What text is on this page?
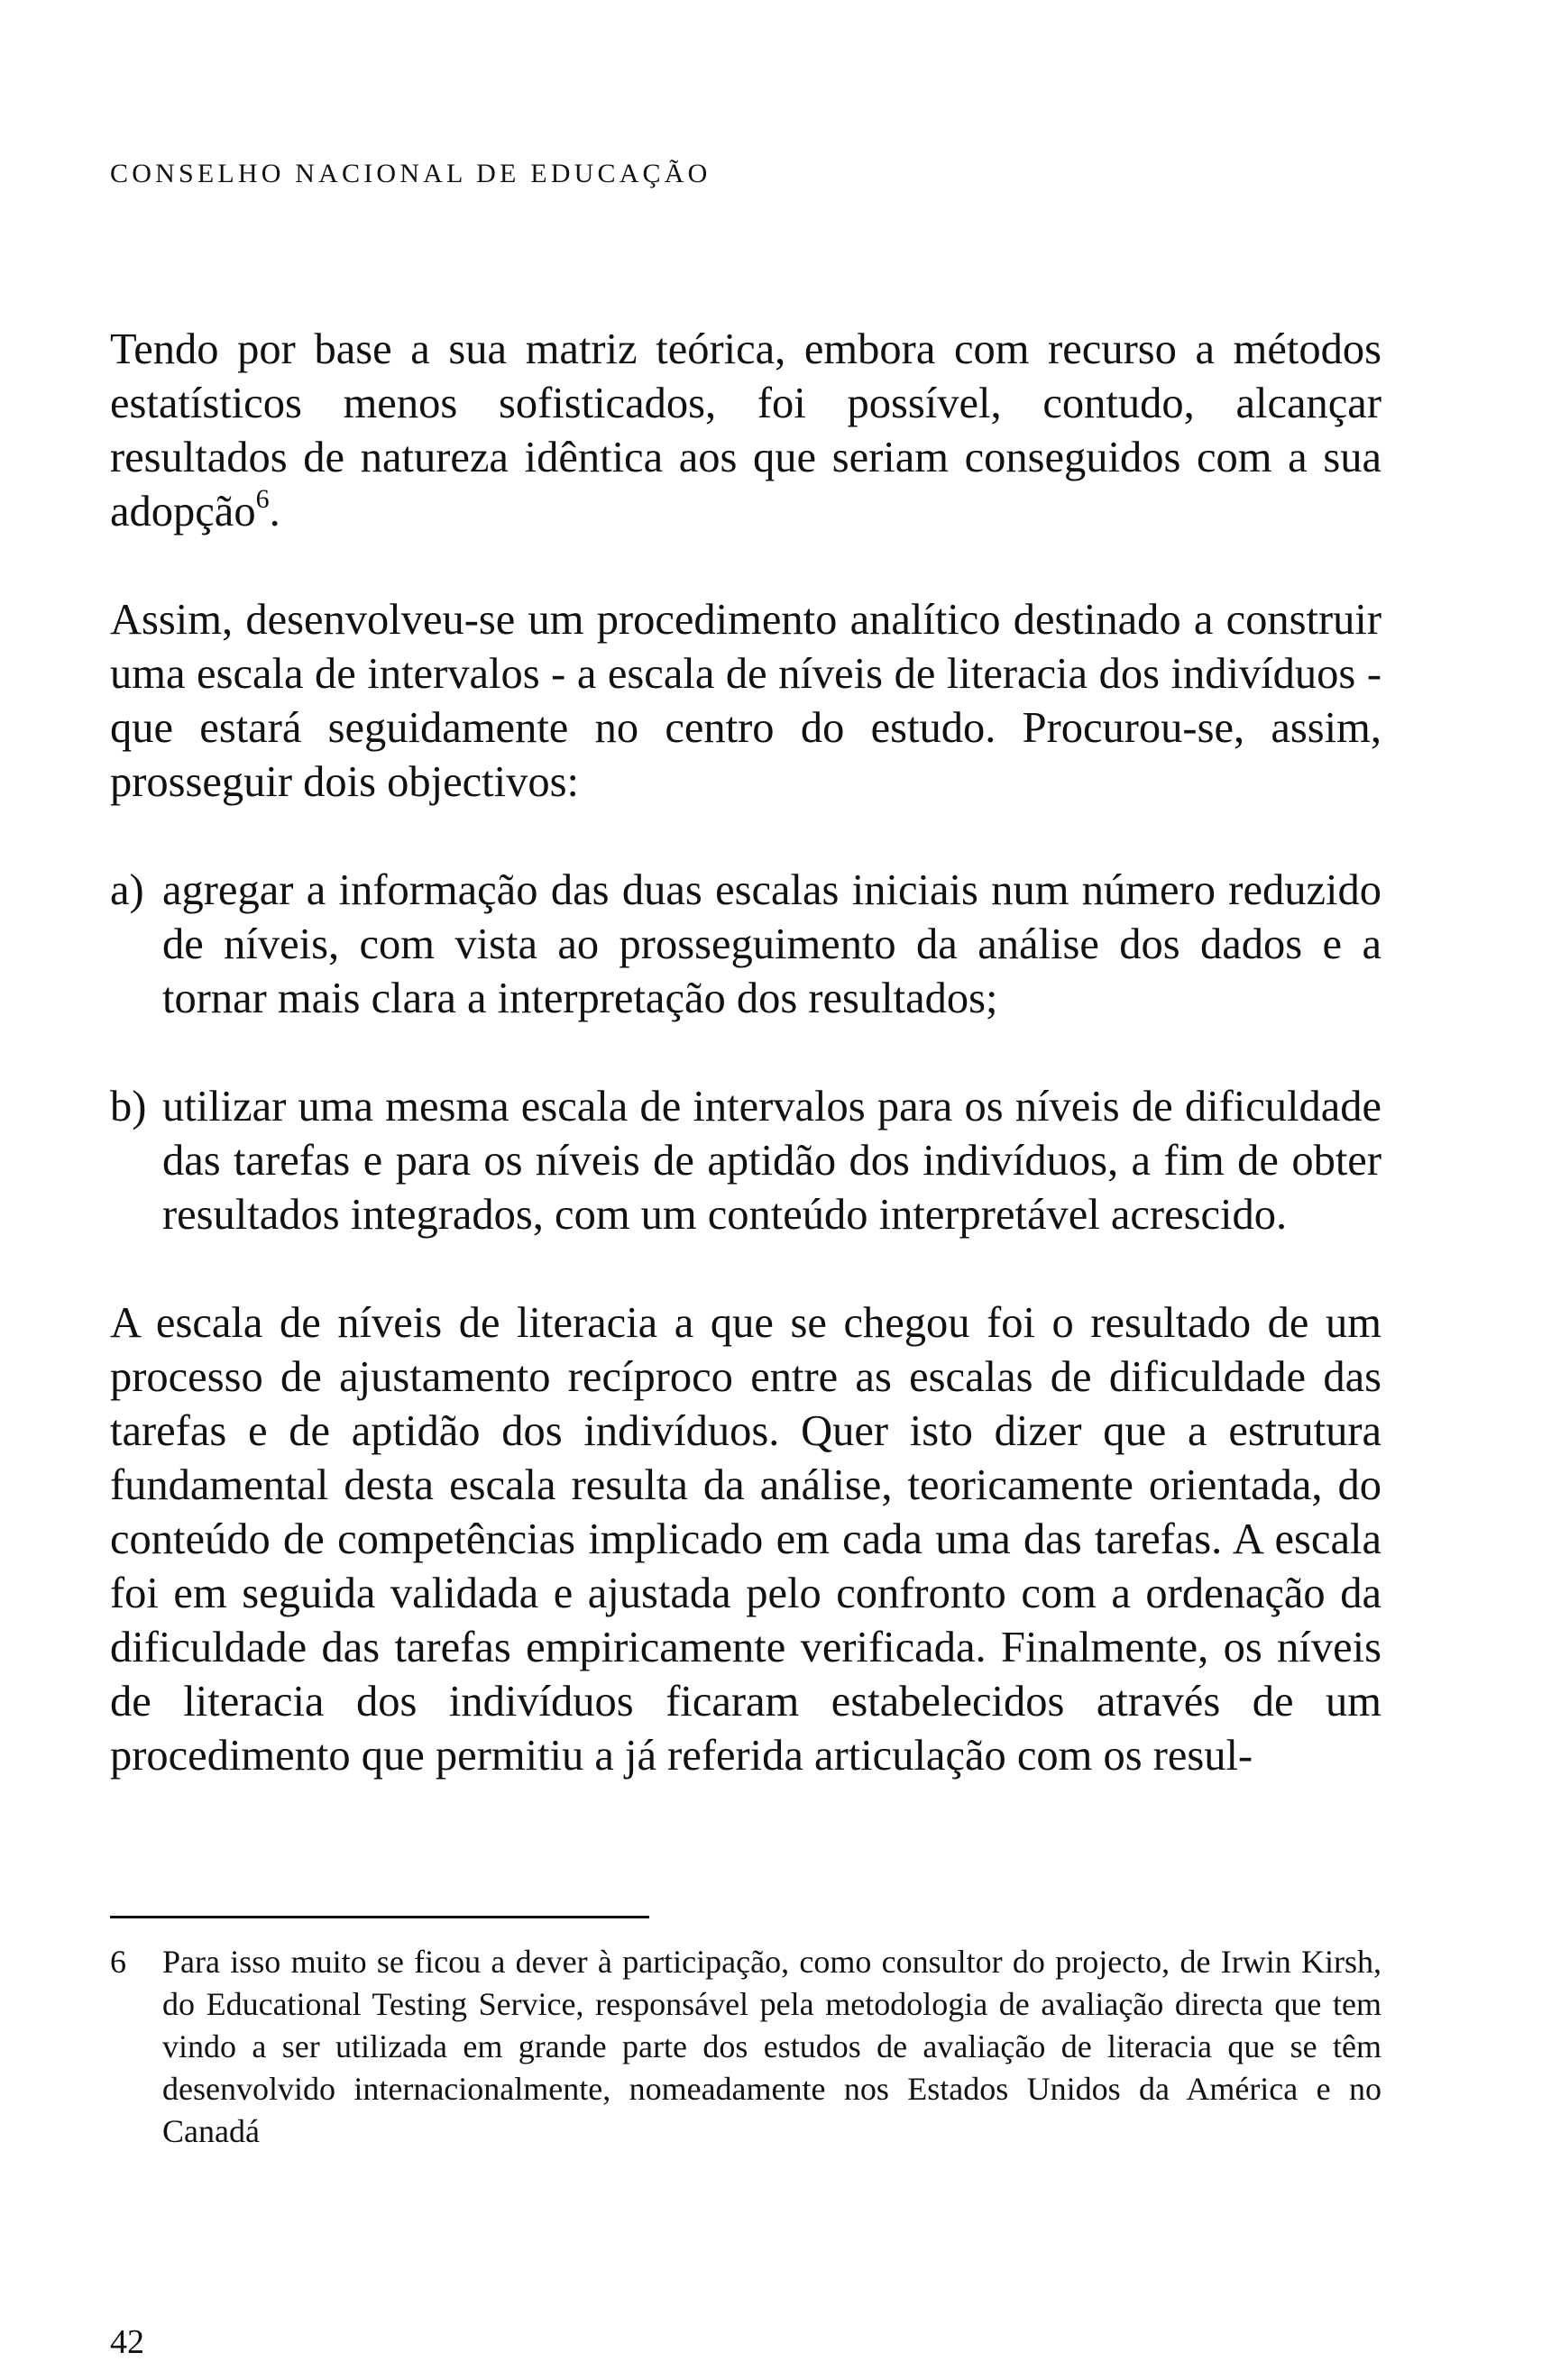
CONSELHO NACIONAL DE EDUCAÇÃO

Tendo por base a sua matriz teórica, embora com recurso a métodos estatísticos menos sofisticados, foi possível, contudo, alcançar resultados de natureza idêntica aos que seriam conseguidos com a sua adopção$^6$.

Assim, desenvolveu-se um procedimento analítico destinado a construir uma escala de intervalos - a escala de níveis de literacia dos indivíduos - que estará seguidamente no centro do estudo. Procurou-se, assim, prosseguir dois objectivos:

a) agregar a informação das duas escalas iniciais num número reduzido de níveis, com vista ao prosseguimento da análise dos dados e a tornar mais clara a interpretação dos resultados;
b) utilizar uma mesma escala de intervalos para os níveis de dificuldade das tarefas e para os níveis de aptidão dos indivíduos, a fim de obter resultados integrados, com um conteúdo interpretável acrescido.

A escala de níveis de literacia a que se chegou foi o resultado de um processo de ajustamento recíproco entre as escalas de dificuldade das tarefas e de aptidão dos indivíduos. Quer isto dizer que a estrutura fundamental desta escala resulta da análise, teoricamente orientada, do conteúdo de competências implicado em cada uma das tarefas. A escala foi em seguida validada e ajustada pelo confronto com a ordenação da dificuldade das tarefas empiricamente verificada. Finalmente, os níveis de literacia dos indivíduos ficaram estabelecidos através de um procedimento que permitiu a já referida articulação com os resul-

6	Para isso muito se ficou a dever à participação, como consultor do projecto, de Irwin Kirsh, do Educational Testing Service, responsável pela metodologia de avaliação directa que tem vindo a ser utilizada em grande parte dos estudos de avaliação de literacia que se têm desenvolvido internacionalmente, nomeadamente nos Estados Unidos da América e no Canadá
42
